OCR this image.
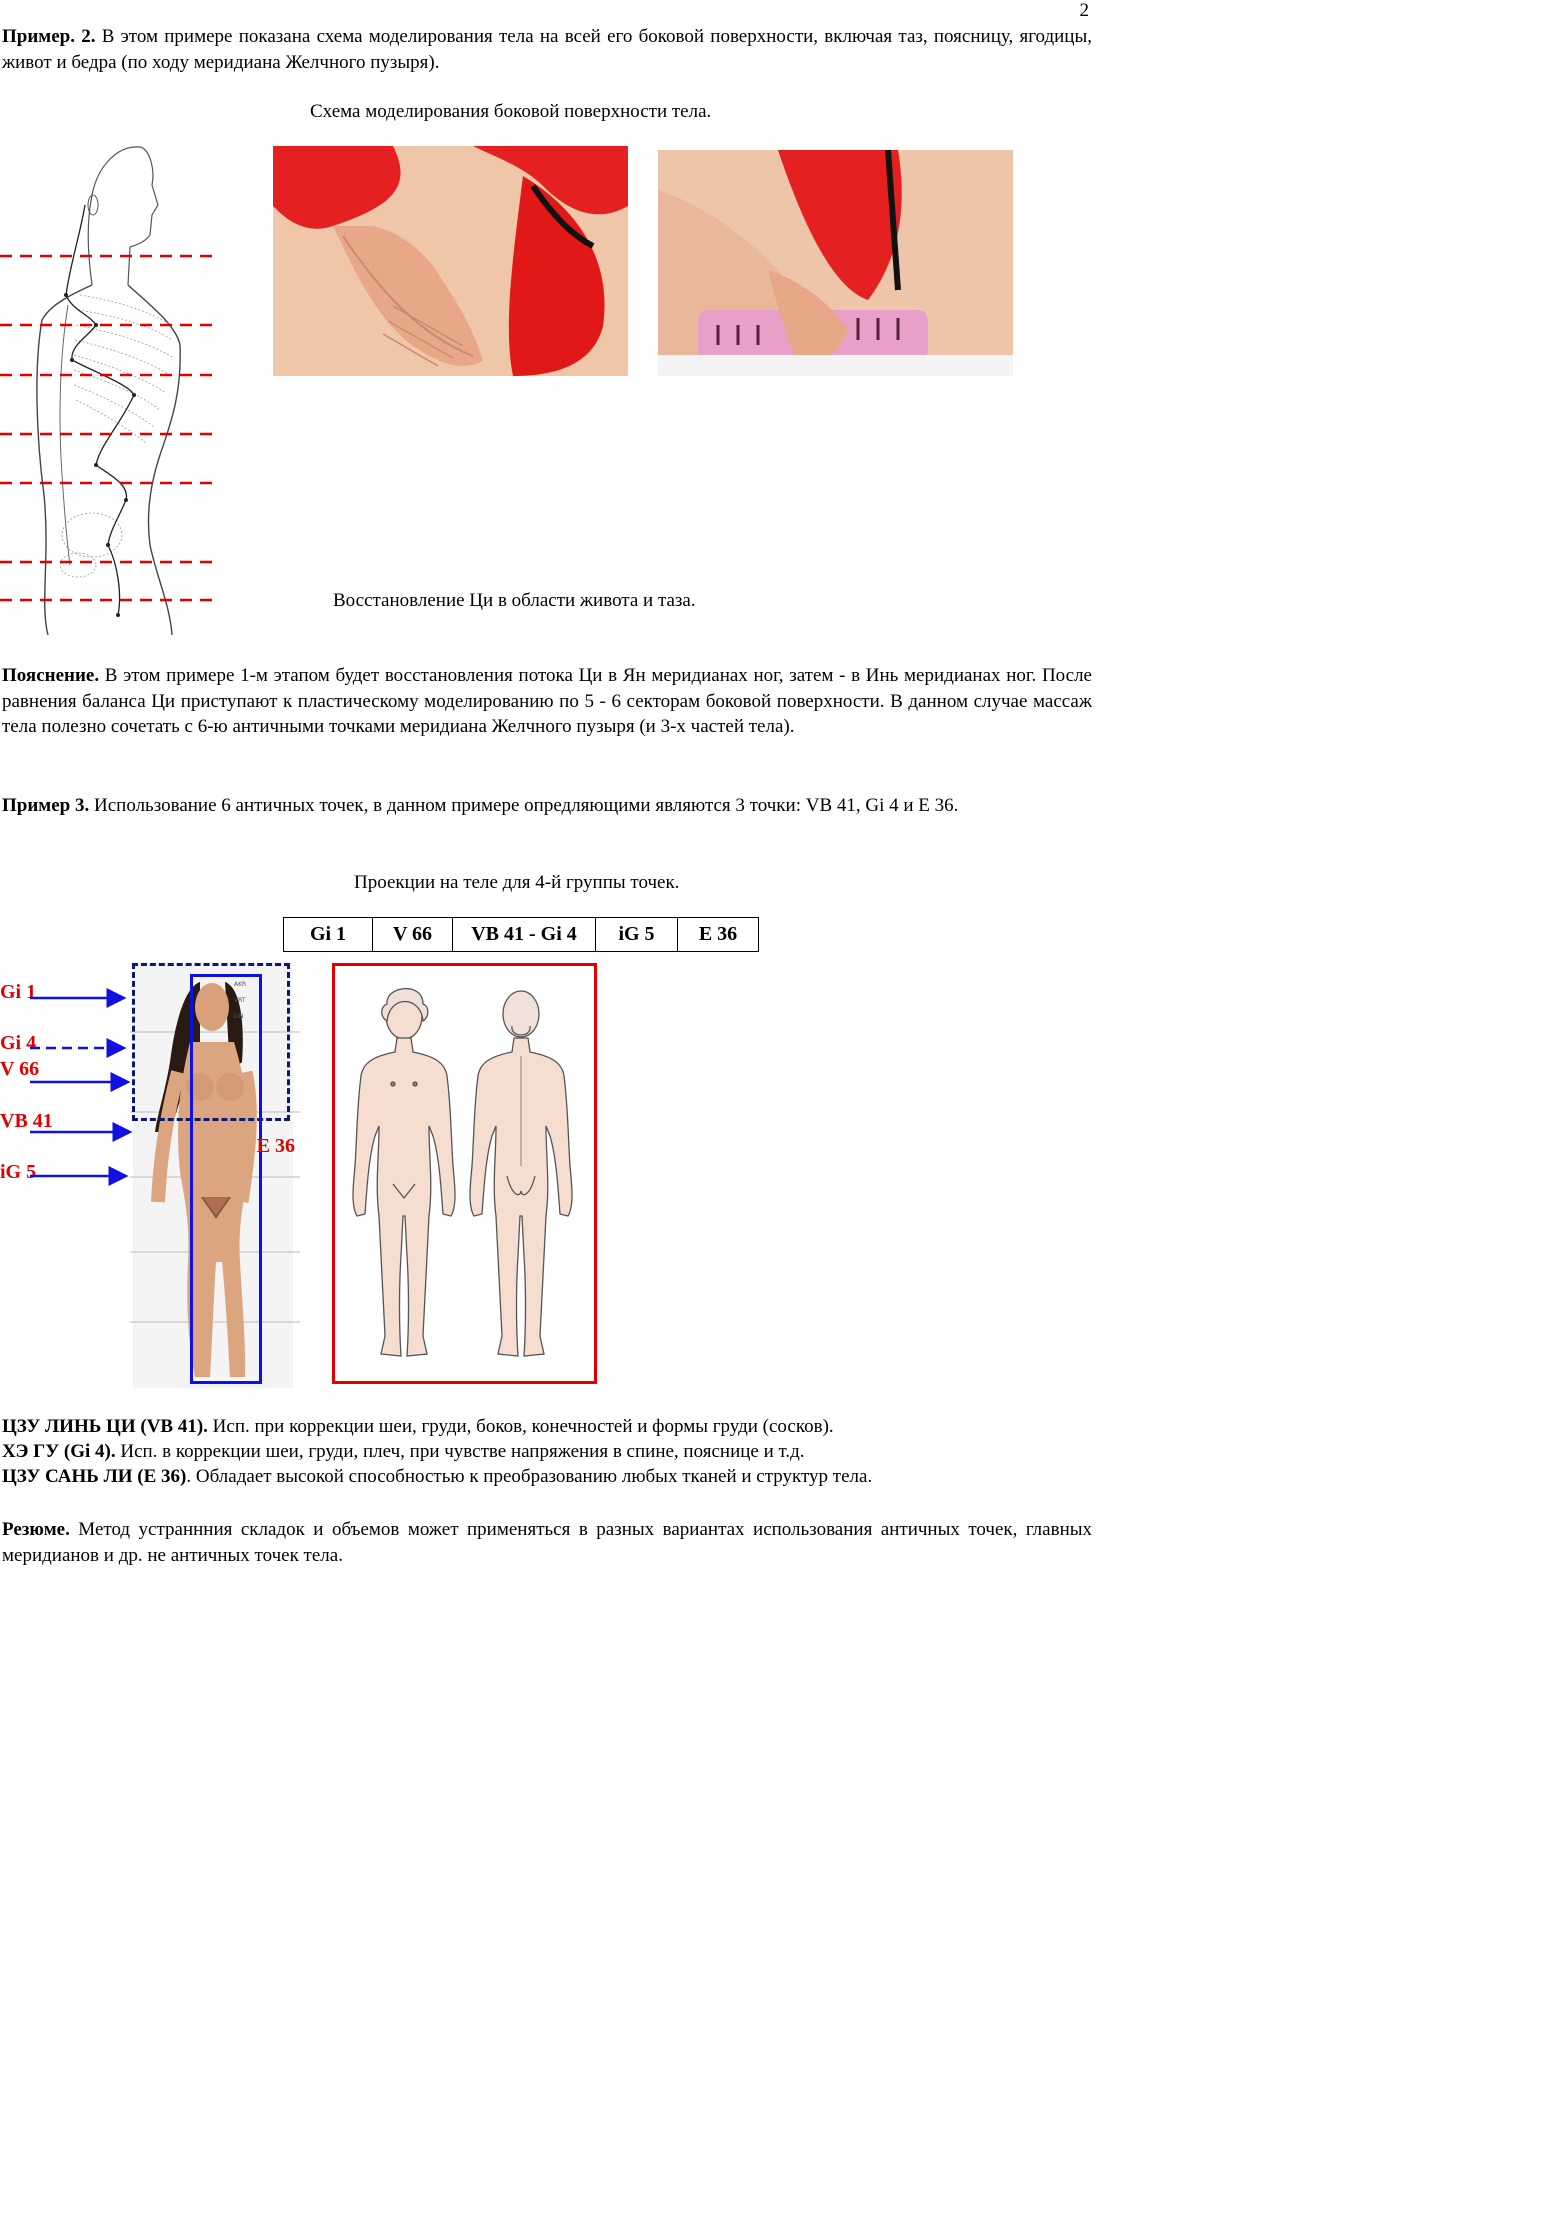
2
Пример. 2. В этом примере показана схема моделирования тела на всей его боковой поверхности, включая таз, поясницу, ягодицы, живот и бедра (по ходу меридиана Желчного пузыря).
Схема моделирования боковой поверхности тела.
Восстановление Ци в области живота и таза.
Пояснение. В этом примере 1-м этапом будет восстановления потока Ци в Ян меридианах ног, затем - в Инь меридианах ног. После равнения баланса Ци приступают к пластическому моделированию по 5 - 6 секторам боковой поверхности. В данном случае массаж тела полезно сочетать с 6-ю античными точками меридиана Желчного пузыря (и 3-х частей тела).
Пример 3. Использование 6 античных точек, в данном примере опредляющими являются 3 точки: VB 41, Gi 4 и E 36.
Проекции на теле для 4-й группы точек.
Gi 1	V 66	VB 41 - Gi 4	iG 5	E 36
Gi 1
Gi 4
V 66
VB 41
iG 5
AKR
VRT
LIN
E 36
ЦЗУ ЛИНЬ ЦИ (VB 41). Исп. при коррекции шеи, груди, боков, конечностей и формы груди (сосков).
ХЭ ГУ (Gi 4). Исп. в коррекции шеи, груди, плеч, при чувстве напряжения в спине, пояснице и т.д.
ЦЗУ САНЬ ЛИ (Е 36). Обладает высокой способностью к преобразованию любых тканей и структур тела.
Резюме. Метод устраннния складок и объемов может применяться в разных вариантах использования античных точек, главных меридианов и др. не античных точек тела.
